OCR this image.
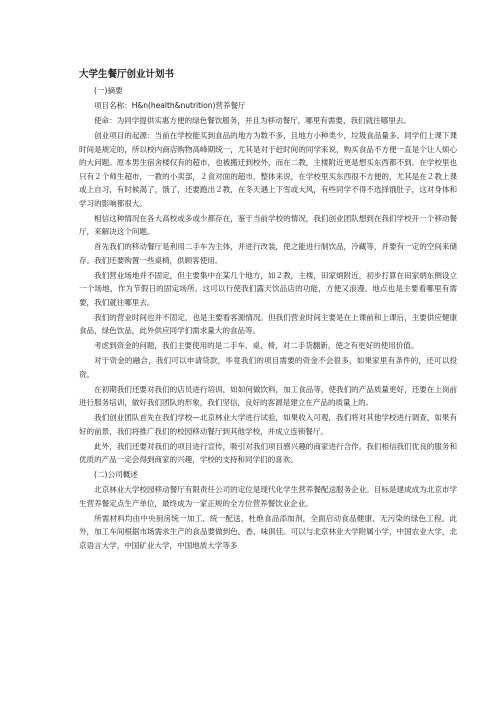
大学生餐厅创业计划书
(一)摘要
项目名称：H&n(health&nutrition)营养餐厅
使命：为同学提供实惠方便的绿色餐饮服务，并且为移动餐厅，哪里有需要，我们就往哪里去。
创业项目的起源：当前在学校能买到食品的地方为数不多，且地方小种类少，垃圾食品量多。同学们上课下课时间是规定的，所以校内商店购物高峰期统一，尤其是对于赶时间的同学来说，购买食品不方便一直是个让人烦心的大问题。原本男生宿舍楼仅有的超市，也被搬迁到校外，而在二教，主楼附近更是想买东西都不到。在学校里也只有２个师生超市，一教的小卖部，２食对面的超市，整体来说，在学校里买东西很不方便的，尤其是在２教上课或上自习，有时候渴了，饿了，还要跑出２教，在冬天遇上下雪或大风，有些同学不得不选择饿肚子，这对身体和学习的影响都很大。
相信这种情况在各大高校或多或少都存在，鉴于当前学校的情况，我们创业团队想到在我们学校开一个移动餐厅，来解决这个问题。
首先我们的移动餐厅是利用二手车为主体，并进行改装，使之能进行制饮品，冷藏等，并要有一定的空间来储存。我们还要购置一些桌椅，供顾客使用。
我们营业场地并不固定，但主要集中在某几个地方，如２教，主楼，田家炳附近，初步打算在田家炳东侧设立一个场地，作为节假日的固定场所。这可以行使我们露天饮品店的功能，方便又浪漫。地点也是主要看哪里有需要，我们就往哪里去。
我们的营业时间也并不固定，也是主要看客源情况。但我们营业时间主要是在上课前和上课后，主要供应健康食品，绿色饮品，此外供应同学们需求量大的食品等。
考虑到资金的问题，我们主要使用的是二手车、桌、椅，对二手货翻新，使之有更好的使用价值。
对于资金的融合，我们可以申请贷款，毕竟我们的项目需要的资金不会很多，如果家里有条件的，还可以投资。
在初期我们还要对我们的店员进行培训，如如何做饮料，加工食品等，使我们的产品质量更好，还要在上岗前进行服务培训，做好我们团队的形象，我们坚信，良好的客源是建立在产品的质量上的。
我们创业团队首先在我们学校—北京林业大学进行试验，如果收入可观，我们将对其他学校进行调查，如果有好的前景，我们将推广我们的校园移动餐厅到其他学校，并成立连锁餐厅。
此外，我们还要对我们的项目进行宣传，吸引对我们项目感兴趣的商家进行合作。我们相信我们优良的服务和优质的产品一定会得到商家的兴趣，学校的支持和同学们的喜欢。
(二)公司概述
北京林业大学校园移动餐厅有限责任公司的定位是现代化学生营养餐配送服务企业。目标是建成成为北京市学生营养餐定点生产单位，最终成为一家正规的全方位营养餐饮业企业。
所需材料均由中央厨房统一加工、统一配送，杜绝食品添加剂，全面启动食品健康、无污染的绿色工程。此外，加工车间根据市场需求生产的食品要做到色、香、味俱佳。可以与北京林业大学附属小学，中国农业大学，北京语言大学，中国矿业大学，中国地质大学等多
